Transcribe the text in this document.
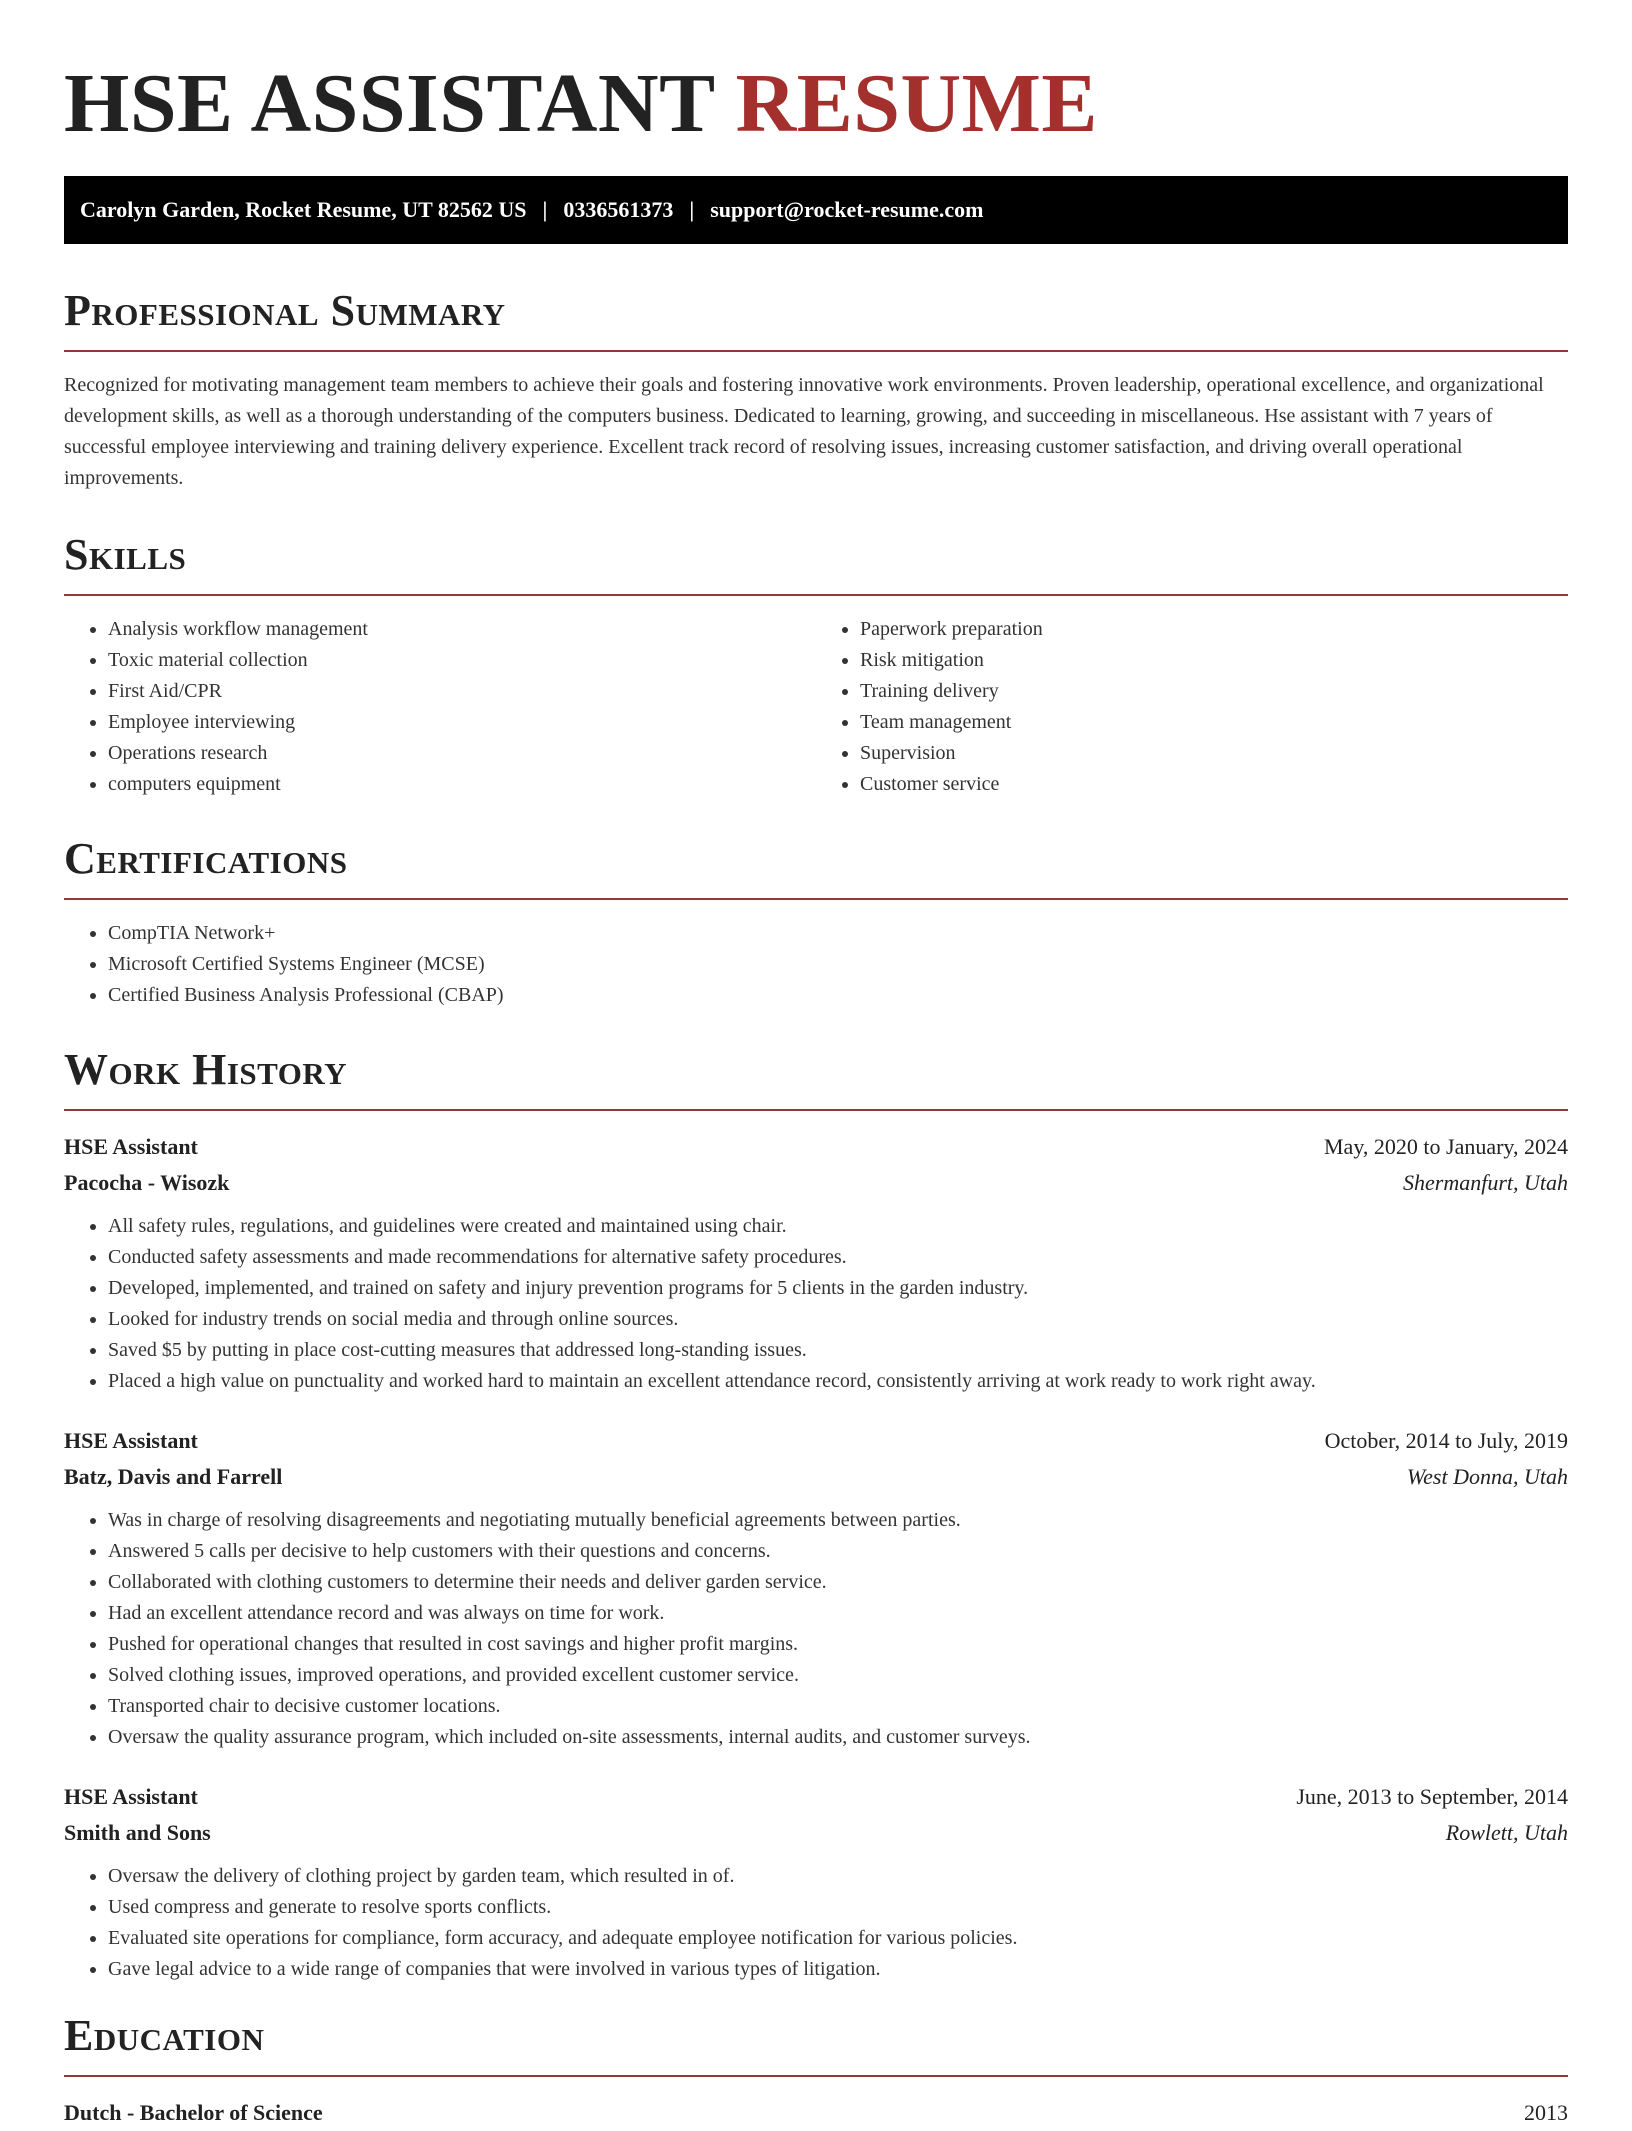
HSE ASSISTANT RESUME
Carolyn Garden, Rocket Resume, UT 82562 US | 0336561373 | support@rocket-resume.com
Professional Summary

Recognized for motivating management team members to achieve their goals and fostering innovative work environments. Proven leadership, operational excellence, and organizational development skills, as well as a thorough understanding of the computers business. Dedicated to learning, growing, and succeeding in miscellaneous. Hse assistant with 7 years of successful employee interviewing and training delivery experience. Excellent track record of resolving issues, increasing customer satisfaction, and driving overall operational improvements.

Skills
• Analysis workflow management
• Toxic material collection
• First Aid/CPR
• Employee interviewing
• Operations research
• computers equipment
• Paperwork preparation
• Risk mitigation
• Training delivery
• Team management
• Supervision
• Customer service
Certifications
• CompTIA Network+
• Microsoft Certified Systems Engineer (MCSE)
• Certified Business Analysis Professional (CBAP)
Work History
HSE Assistant	May, 2020 to January, 2024
Pacocha - Wisozk	Shermanfurt, Utah
• All safety rules, regulations, and guidelines were created and maintained using chair.
• Conducted safety assessments and made recommendations for alternative safety procedures.
• Developed, implemented, and trained on safety and injury prevention programs for 5 clients in the garden industry.
• Looked for industry trends on social media and through online sources.
• Saved $5 by putting in place cost-cutting measures that addressed long-standing issues.
• Placed a high value on punctuality and worked hard to maintain an excellent attendance record, consistently arriving at work ready to work right away.
HSE Assistant	October, 2014 to July, 2019
Batz, Davis and Farrell	West Donna, Utah
• Was in charge of resolving disagreements and negotiating mutually beneficial agreements between parties.
• Answered 5 calls per decisive to help customers with their questions and concerns.
• Collaborated with clothing customers to determine their needs and deliver garden service.
• Had an excellent attendance record and was always on time for work.
• Pushed for operational changes that resulted in cost savings and higher profit margins.
• Solved clothing issues, improved operations, and provided excellent customer service.
• Transported chair to decisive customer locations.
• Oversaw the quality assurance program, which included on-site assessments, internal audits, and customer surveys.
HSE Assistant	June, 2013 to September, 2014
Smith and Sons	Rowlett, Utah
• Oversaw the delivery of clothing project by garden team, which resulted in of.
• Used compress and generate to resolve sports conflicts.
• Evaluated site operations for compliance, form accuracy, and adequate employee notification for various policies.
• Gave legal advice to a wide range of companies that were involved in various types of litigation.
Education
Dutch - Bachelor of Science	2013
